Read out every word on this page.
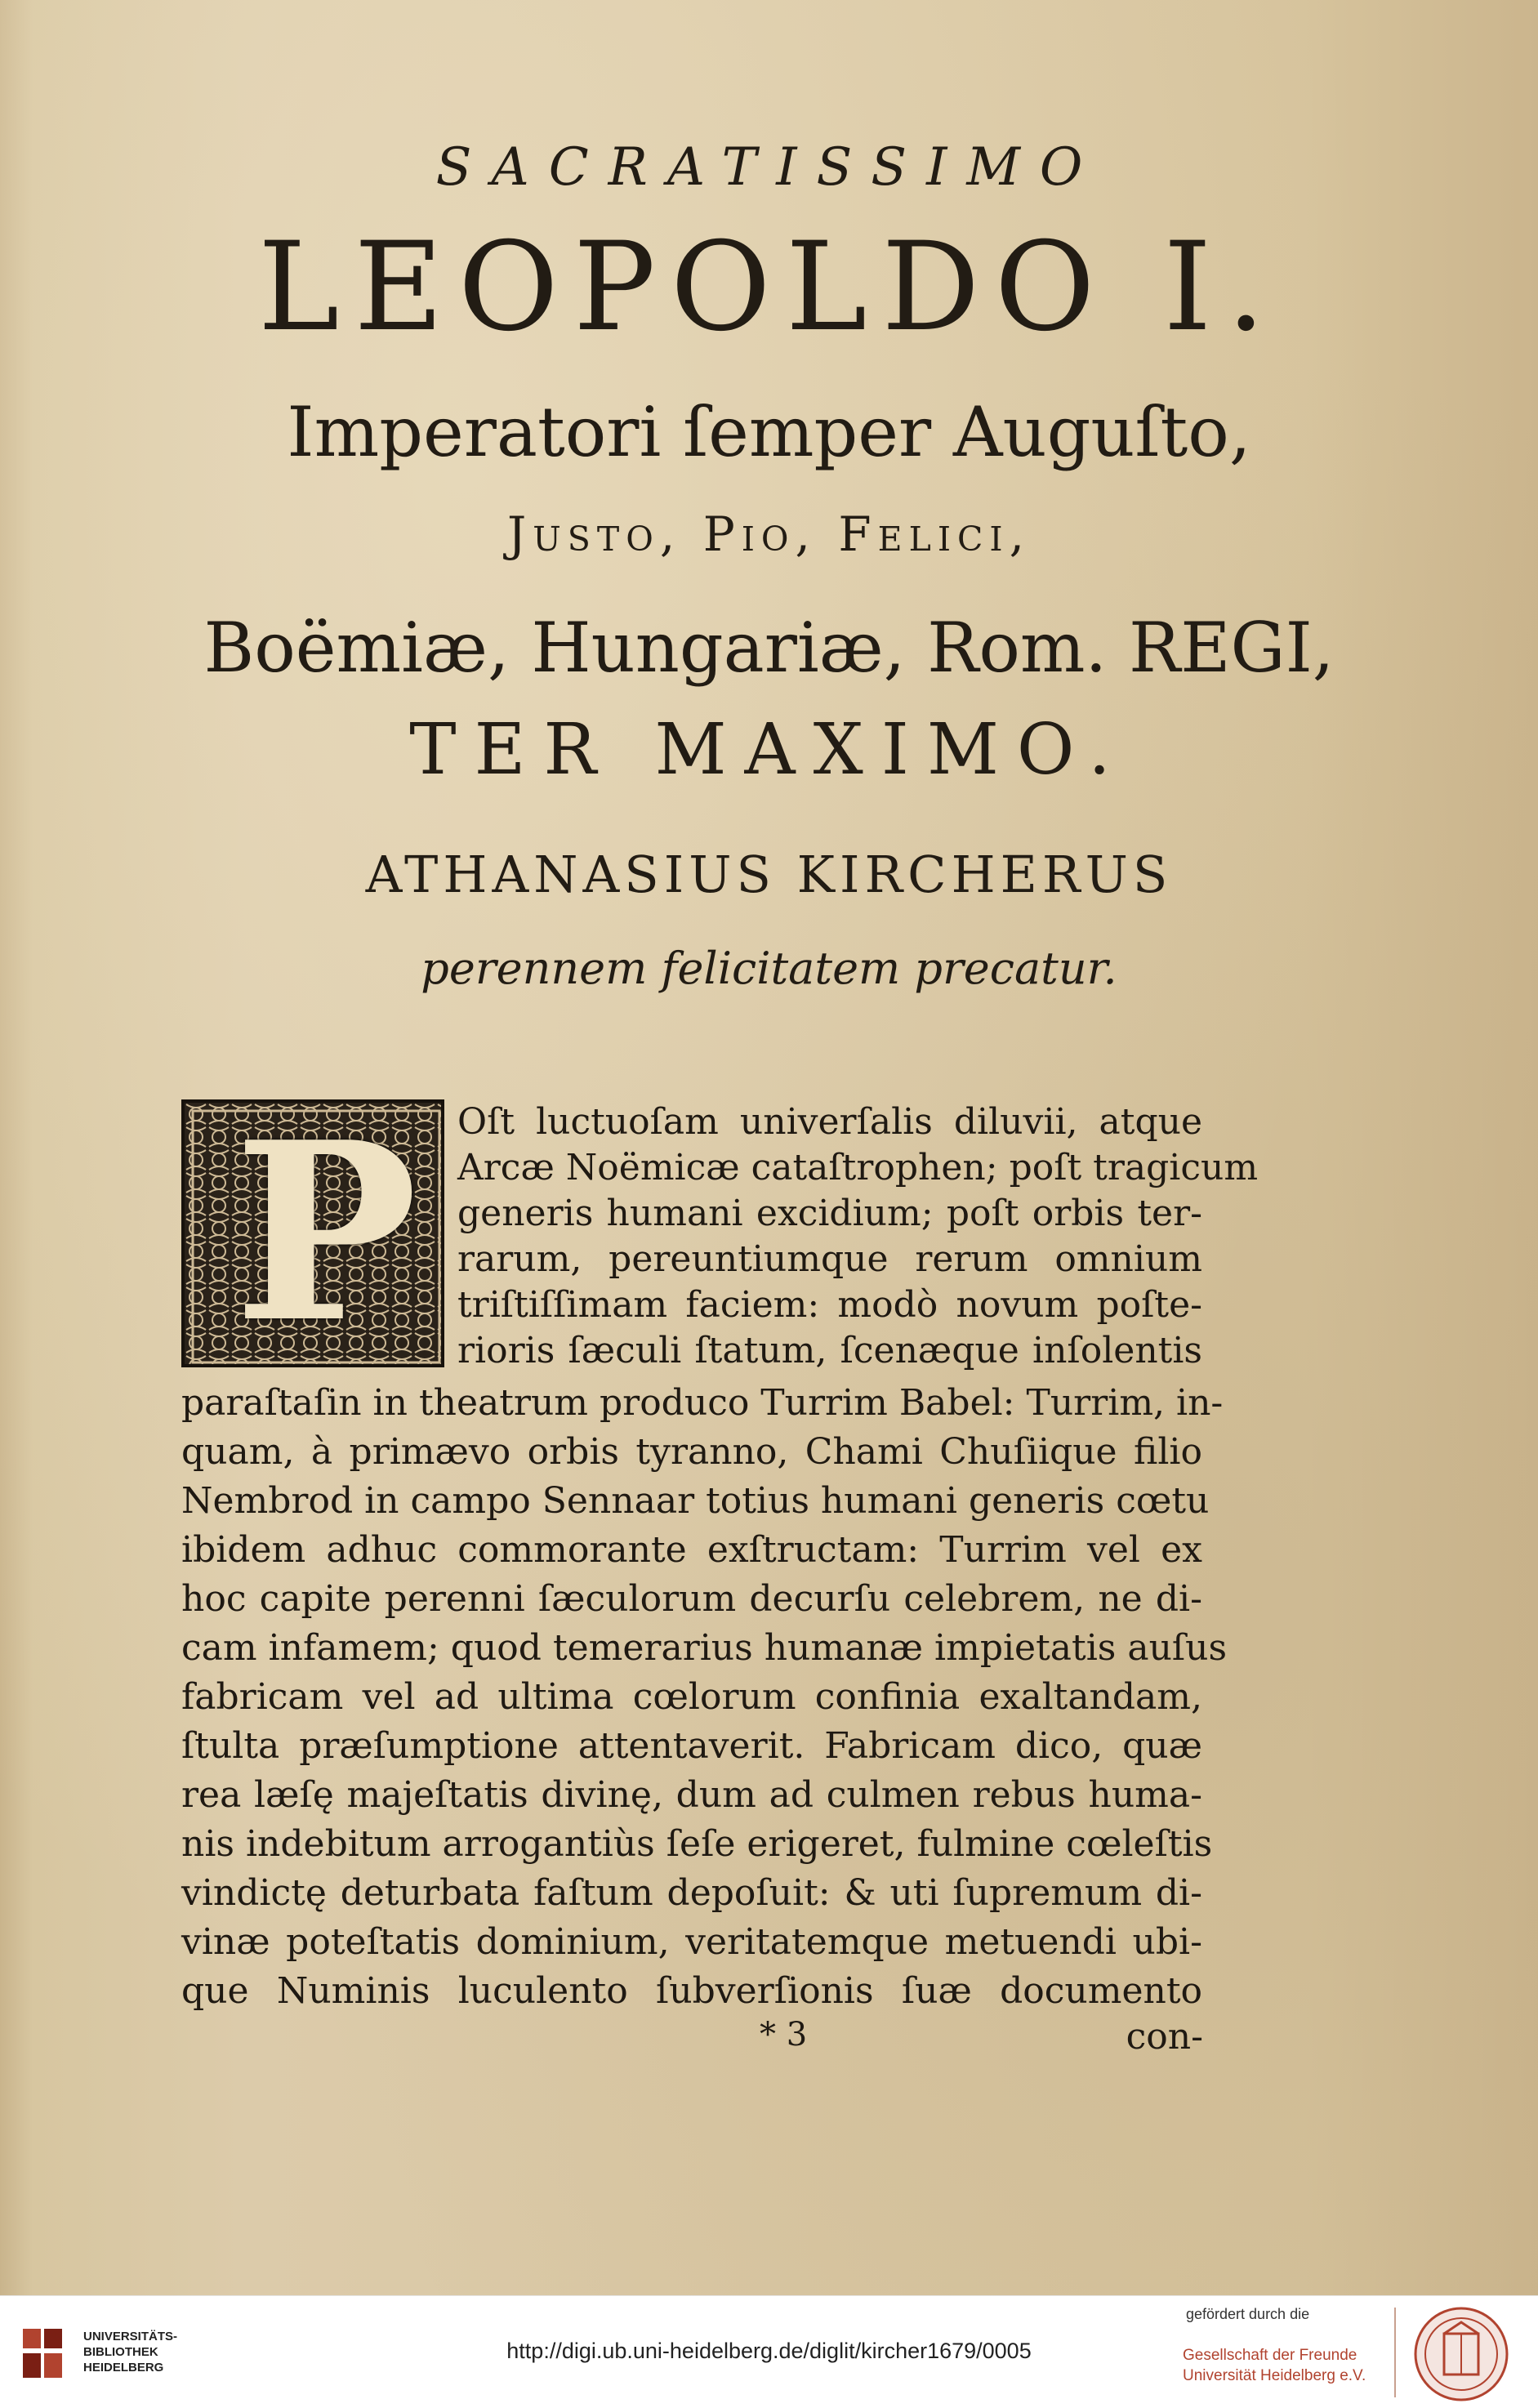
SACRATISSIMO
LEOPOLDO I.
Imperatori ſemper Auguſto,
Justo, Pio, Felici,
Boëmiæ, Hungariæ, Rom. REGI,
TER MAXIMO.
ATHANASIUS KIRCHERUS
perennem felicitatem precatur.
P Oſt luctuoſam univerſalis diluvii, atque
Arcæ Noëmicæ cataſtrophen; poſt tragicum
generis humani excidium; poſt orbis ter-
rarum, pereuntiumque rerum omnium
triſtiſſimam faciem: modò novum poſte-
rioris ſæculi ſtatum, ſcenæque inſolentis
paraſtaſin in theatrum produco Turrim Babel: Turrim, in-
quam, à primævo orbis tyranno, Chami Chuſiique filio
Nembrod in campo Sennaar totius humani generis cœtu
ibidem adhuc commorante exſtructam: Turrim vel ex
hoc capite perenni ſæculorum decurſu celebrem, ne di-
cam infamem; quod temerarius humanæ impietatis auſus
fabricam vel ad ultima cœlorum confinia exaltandam,
ſtulta præſumptione attentaverit. Fabricam dico, quæ
rea læſę majeſtatis divinę, dum ad culmen rebus huma-
nis indebitum arrogantiùs ſeſe erigeret, fulmine cœleſtis
vindictę deturbata faſtum depoſuit: & uti ſupremum di-
vinæ poteſtatis dominium, veritatemque metuendi ubi-
que Numinis luculento ſubverſionis ſuæ documento
* 3	con-
UNIVERSITÄTS-
BIBLIOTHEK
HEIDELBERG
http://digi.ub.uni-heidelberg.de/diglit/kircher1679/0005
gefördert durch die
Gesellschaft der Freunde
Universität Heidelberg e.V.
